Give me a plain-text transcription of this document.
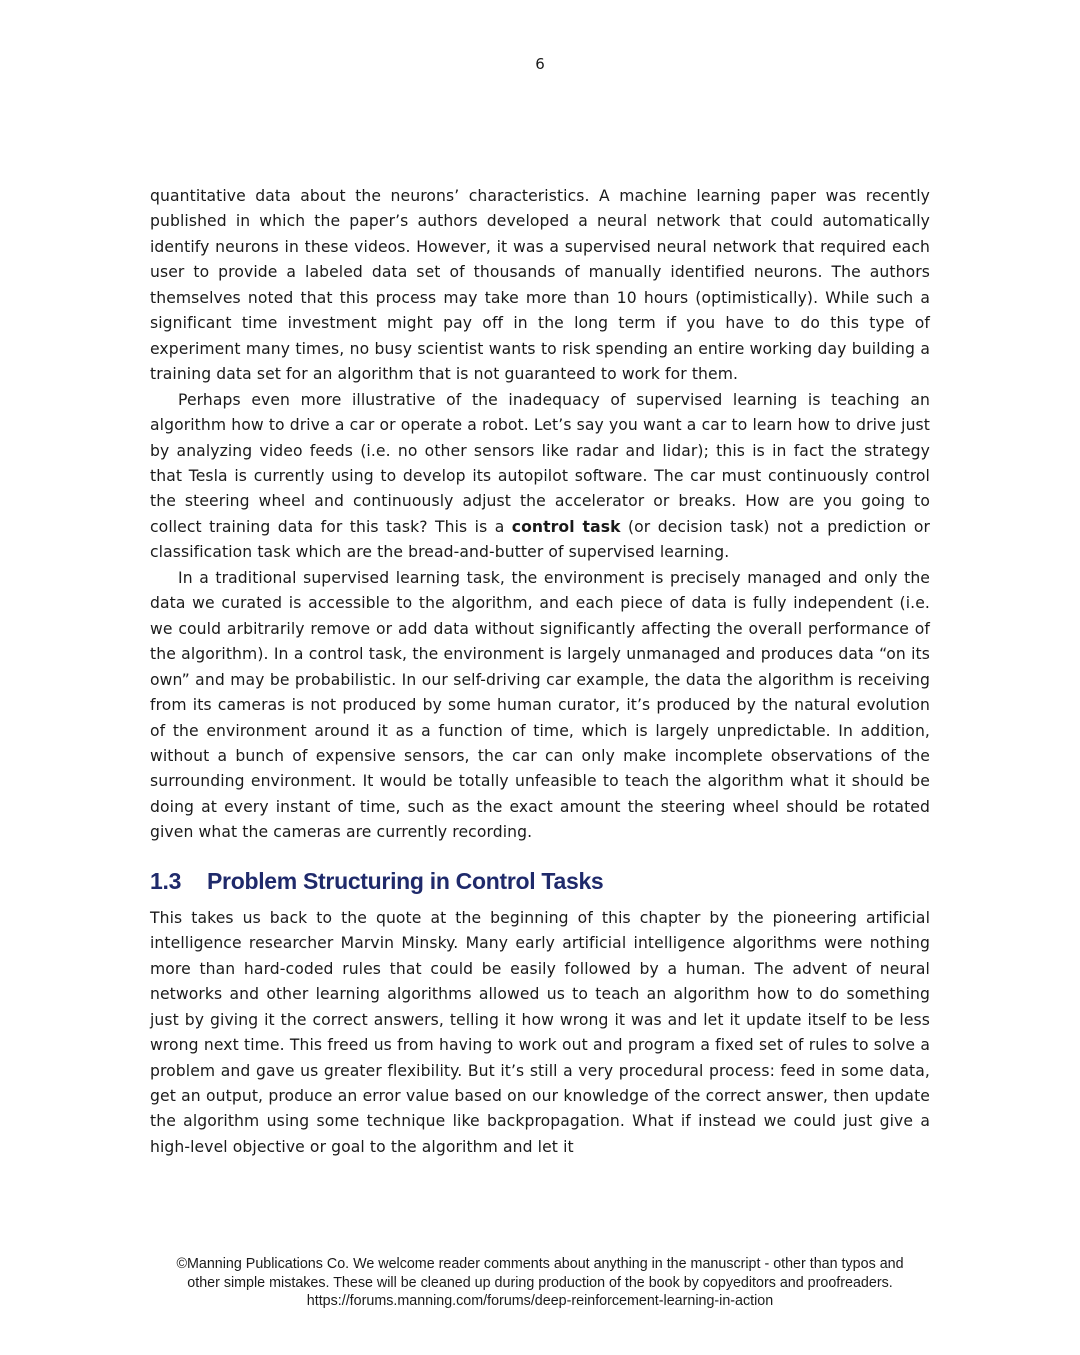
6

quantitative data about the neurons’ characteristics. A machine learning paper was recently published in which the paper’s authors developed a neural network that could automatically identify neurons in these videos. However, it was a supervised neural network that required each user to provide a labeled data set of thousands of manually identified neurons. The authors themselves noted that this process may take more than 10 hours (optimistically). While such a significant time investment might pay off in the long term if you have to do this type of experiment many times, no busy scientist wants to risk spending an entire working day building a training data set for an algorithm that is not guaranteed to work for them.

Perhaps even more illustrative of the inadequacy of supervised learning is teaching an algorithm how to drive a car or operate a robot. Let’s say you want a car to learn how to drive just by analyzing video feeds (i.e. no other sensors like radar and lidar); this is in fact the strategy that Tesla is currently using to develop its autopilot software. The car must continuously control the steering wheel and continuously adjust the accelerator or breaks. How are you going to collect training data for this task? This is a control task (or decision task) not a prediction or classification task which are the bread-and-butter of supervised learning.

In a traditional supervised learning task, the environment is precisely managed and only the data we curated is accessible to the algorithm, and each piece of data is fully independent (i.e. we could arbitrarily remove or add data without significantly affecting the overall performance of the algorithm). In a control task, the environment is largely unmanaged and produces data “on its own” and may be probabilistic. In our self-driving car example, the data the algorithm is receiving from its cameras is not produced by some human curator, it’s produced by the natural evolution of the environment around it as a function of time, which is largely unpredictable. In addition, without a bunch of expensive sensors, the car can only make incomplete observations of the surrounding environment. It would be totally unfeasible to teach the algorithm what it should be doing at every instant of time, such as the exact amount the steering wheel should be rotated given what the cameras are currently recording.

1.3 Problem Structuring in Control Tasks

This takes us back to the quote at the beginning of this chapter by the pioneering artificial intelligence researcher Marvin Minsky. Many early artificial intelligence algorithms were nothing more than hard-coded rules that could be easily followed by a human. The advent of neural networks and other learning algorithms allowed us to teach an algorithm how to do something just by giving it the correct answers, telling it how wrong it was and let it update itself to be less wrong next time. This freed us from having to work out and program a fixed set of rules to solve a problem and gave us greater flexibility. But it’s still a very procedural process: feed in some data, get an output, produce an error value based on our knowledge of the correct answer, then update the algorithm using some technique like backpropagation. What if instead we could just give a high-level objective or goal to the algorithm and let it

©Manning Publications Co. We welcome reader comments about anything in the manuscript - other than typos and
other simple mistakes. These will be cleaned up during production of the book by copyeditors and proofreaders.
https://forums.manning.com/forums/deep-reinforcement-learning-in-action
